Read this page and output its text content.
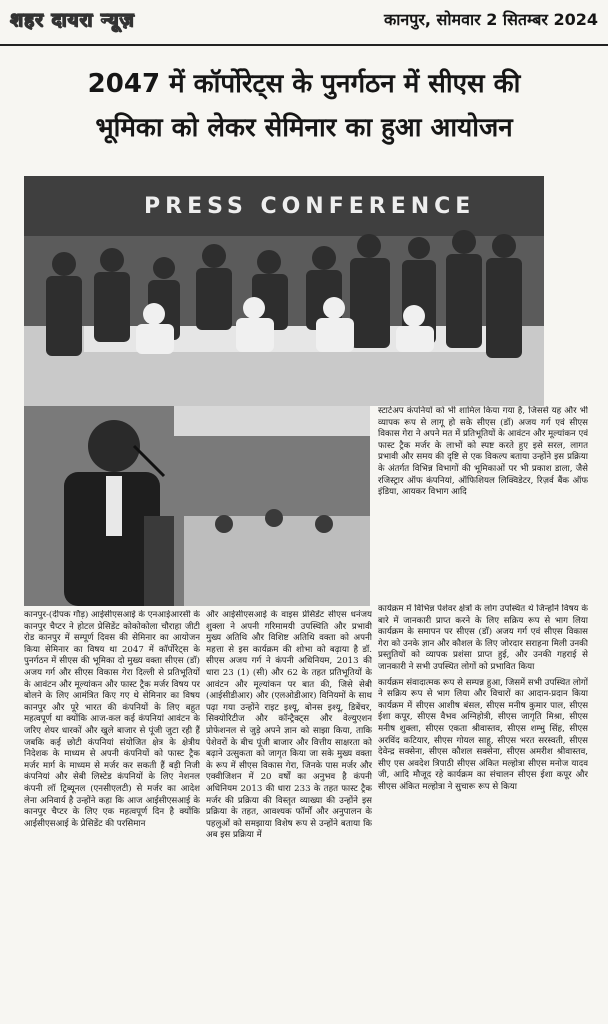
शहर दायरा न्यूज़	कानपुर, सोमवार 2 सितम्बर 2024
2047 में कॉर्पोरेट्स के पुनर्गठन में सीएस की
भूमिका को लेकर सेमिनार का हुआ आयोजन
PRESS CONFERENCE

स्टार्टअप कंपनियों को भी शामिल किया गया है, जिससे यह और भी व्यापक रूप से लागू हो सके सीएस (डॉ) अजय गर्ग एवं सीएस विकास गेरा ने अपने मत में प्रतिभूतियों के आवंटन और मूल्यांकन एवं फास्ट ट्रैक मर्जर के लाभों को स्पष्ट करते हुए इसे सरल, लागत प्रभावी और समय की दृष्टि से एक विकल्प बताया उन्होंने इस प्रक्रिया के अंतर्गत विभिन्न विभागों की भूमिकाओं पर भी प्रकाश डाला, जैसे रजिस्ट्रार ऑफ कंपनियां, ऑफिशियल लिक्विडेटर, रिज़र्व बैंक ऑफ इंडिया, आयकर विभाग आदि

कानपुर-(दीपक गौड़) आईसीएसआई के एनआईआरसी के कानपुर चैप्टर ने होटल प्रेसिडेंट कोकोकोला चौराहा जीटी रोड कानपुर में सम्पूर्ण दिवस की सेमिनार का आयोजन किया सेमिनार का विषय था 2047 में कॉर्पोरेट्स के पुनर्गठन में सीएस की भूमिका दो मुख्य वक्ता सीएस (डॉ) अजय गर्ग और सीएस विकास गेरा दिल्ली से प्रतिभूतियों के आवंटन और मूल्यांकन और फास्ट ट्रैक मर्जर विषय पर बोलने के लिए आमंत्रित किए गए थे सेमिनार का विषय कानपुर और पूरे भारत की कंपनियों के लिए बहुत महत्वपूर्ण था क्योंकि आज-कल कई कंपनियां आवंटन के जरिए शेयर धारकों और खुले बाजार से पूंजी जुटा रही हैं जबकि कई छोटी कंपनियां संयोजित क्षेत्र के क्षेत्रीय निदेशक के माध्यम से अपनी कंपनियों को फास्ट ट्रैक मर्जर मार्ग के माध्यम से मर्जर कर सकती हैं बड़ी निजी कंपनियां और सेबी लिस्टेड कंपनियों के लिए नेशनल कंपनी लॉ ट्रिब्यूनल (एनसीएलटी) से मर्जर का आदेश लेना अनिवार्य है उन्होंने कहा कि आज आईसीएसआई के कानपुर चैप्टर के लिए एक महत्वपूर्ण दिन है क्योंकि आईसीएसआई के प्रेसिडेंट की परसिमान

और आईसीएसआई के वाइस प्रेसिडेंट सीएस धनंजय शुक्ला ने अपनी गरिमामयी उपस्थिति और प्रभावी मुख्य अतिथि और विशिष्ट अतिथि वक्ता को अपनी महत्ता से इस कार्यक्रम की शोभा को बढ़ाया है डॉ. सीएस अजय गर्ग ने कंपनी अधिनियम, 2013 की धारा 23 (1) (सी) और 62 के तहत प्रतिभूतियों के आवंटन और मूल्यांकन पर बात की, जिसे सेबी (आईसीडीआर) और (एलओडीआर) विनियमों के साथ पढ़ा गया उन्होंने राइट इश्यू, बोनस इश्यू, डिबेंचर, सिक्योरिटीज और कॉन्ट्रैक्ट्स और वेल्युएशन प्रोफेशनल से जुड़े अपने ज्ञान को साझा किया, ताकि पेशेवरों के बीच पूंजी बाजार और वित्तीय साक्षरता को बढ़ाने उत्सुकता को जागृत किया जा सके मुख्य वक्ता के रूप में सीएस विकास गेरा, जिनके पास मर्जर और एक्वीजिशन में 20 वर्षों का अनुभव है कंपनी अधिनियम 2013 की धारा 233 के तहत फास्ट ट्रैक मर्जर की प्रक्रिया की विस्तृत व्याख्या की उन्होंने इस प्रक्रिया के तहत, आवश्यक फॉर्मों और अनुपालन के पहलुओं को समझाया विशेष रूप से उन्होंने बताया कि अब इस प्रक्रिया में

कार्यक्रम में विभिन्न पेशेवर क्षेत्रों के लोग उपस्थित थे जिन्होंने विषय के बारे में जानकारी प्राप्त करने के लिए सक्रिय रूप से भाग लिया कार्यक्रम के समापन पर सीएस (डॉ) अजय गर्ग एवं सीएस विकास गेरा को उनके ज्ञान और कौशल के लिए जोरदार सराहना मिली उनकी प्रस्तुतियों को व्यापक प्रशंसा प्राप्त हुई, और उनकी गहराई से जानकारी ने सभी उपस्थित लोगों को प्रभावित किया

कार्यक्रम संवादात्मक रूप से सम्पन्न हुआ, जिसमें सभी उपस्थित लोगों ने सक्रिय रूप से भाग लिया और विचारों का आदान-प्रदान किया कार्यक्रम में सीएस आशीष बंसल, सीएस मनीष कुमार पाल, सीएस ईशा कपूर, सीएस वैभव अग्निहोत्री, सीएस जागृति मिश्रा, सीएस मनीष शुक्ला, सीएस एकता श्रीवास्तव, सीएस शम्भु सिंह, सीएस अरविंद कटियार, सीएस गोयल साहू, सीएस भरत सरस्वती, सीएस देवेन्द्र सक्सेना, सीएस कौशल सक्सेना, सीएस अमरीश श्रीवास्तव, सीए एस अवदेश त्रिपाठी सीएस अंकित मल्होत्रा सीएस मनोज यादव जी, आदि मौजूद रहे कार्यक्रम का संचालन सीएस ईशा कपूर और सीएस अंकित मल्होत्रा ने सुचारू रूप से किया
